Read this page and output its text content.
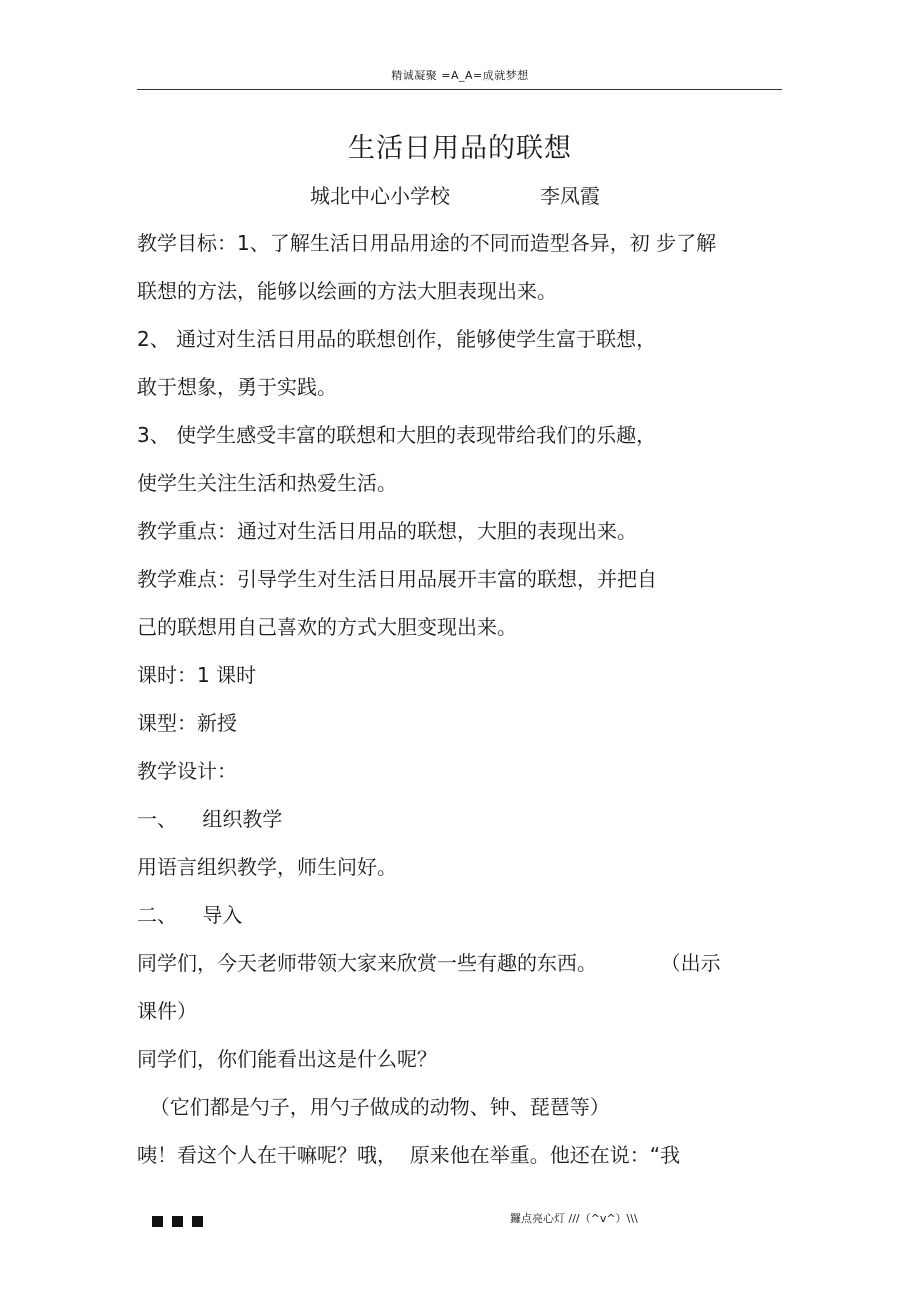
精诚凝聚 =A_A=成就梦想
生活日用品的联想
城北中心小学校	李凤霞
教学目标：1、了解生活日用品用途的不同而造型各异，初 步了解
联想的方法，能够以绘画的方法大胆表现出来。
2、 通过对生活日用品的联想创作，能够使学生富于联想，
敢于想象，勇于实践。
3、 使学生感受丰富的联想和大胆的表现带给我们的乐趣，
使学生关注生活和热爱生活。
教学重点：通过对生活日用品的联想，大胆的表现出来。
教学难点：引导学生对生活日用品展开丰富的联想，并把自
己的联想用自己喜欢的方式大胆变现出来。
课时：1 课时
课型：新授
教学设计：
一、    组织教学
用语言组织教学，师生问好。
二、    导入
同学们，今天老师带领大家来欣赏一些有趣的东西。          （出示
课件）
同学们，你们能看出这是什么呢？
（它们都是勺子，用勺子做成的动物、钟、琵琶等）
咦！看这个人在干嘛呢？哦，  原来他在举重。他还在说：“我
鑼点亮心灯 ///（^v^）\\\
